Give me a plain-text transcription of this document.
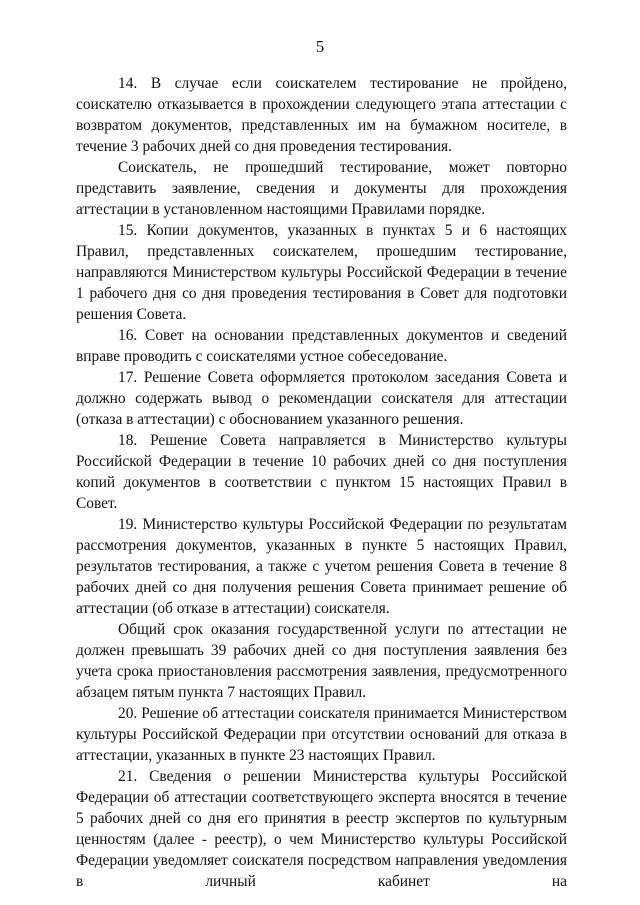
5

14. В случае если соискателем тестирование не пройдено, соискателю отказывается в прохождении следующего этапа аттестации с возвратом документов, представленных им на бумажном носителе, в течение 3 рабочих дней со дня проведения тестирования.

Соискатель, не прошедший тестирование, может повторно представить заявление, сведения и документы для прохождения аттестации в установленном настоящими Правилами порядке.

15. Копии документов, указанных в пунктах 5 и 6 настоящих Правил, представленных соискателем, прошедшим тестирование, направляются Министерством культуры Российской Федерации в течение 1 рабочего дня со дня проведения тестирования в Совет для подготовки решения Совета.

16. Совет на основании представленных документов и сведений вправе проводить с соискателями устное собеседование.

17. Решение Совета оформляется протоколом заседания Совета и должно содержать вывод о рекомендации соискателя для аттестации (отказа в аттестации) с обоснованием указанного решения.

18. Решение Совета направляется в Министерство культуры Российской Федерации в течение 10 рабочих дней со дня поступления копий документов в соответствии с пунктом 15 настоящих Правил в Совет.

19. Министерство культуры Российской Федерации по результатам рассмотрения документов, указанных в пункте 5 настоящих Правил, результатов тестирования, а также с учетом решения Совета в течение 8 рабочих дней со дня получения решения Совета принимает решение об аттестации (об отказе в аттестации) соискателя.

Общий срок оказания государственной услуги по аттестации не должен превышать 39 рабочих дней со дня поступления заявления без учета срока приостановления рассмотрения заявления, предусмотренного абзацем пятым пункта 7 настоящих Правил.

20. Решение об аттестации соискателя принимается Министерством культуры Российской Федерации при отсутствии оснований для отказа в аттестации, указанных в пункте 23 настоящих Правил.

21. Сведения о решении Министерства культуры Российской Федерации об аттестации соответствующего эксперта вносятся в течение 5 рабочих дней со дня его принятия в реестр экспертов по культурным ценностям (далее - реестр), о чем Министерство культуры Российской Федерации уведомляет соискателя посредством направления уведомления в личный кабинет на
